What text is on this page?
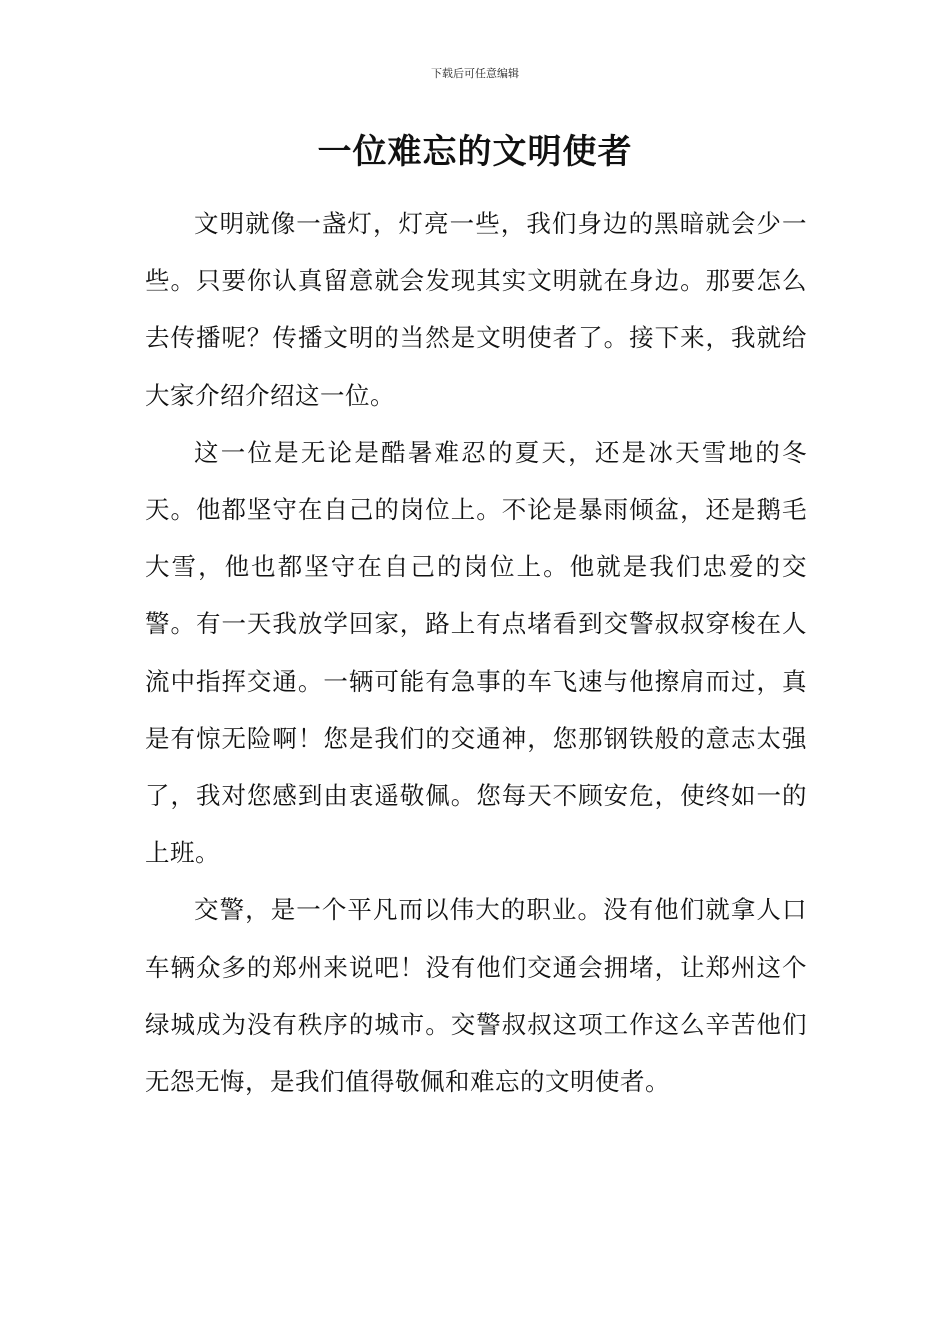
下载后可任意编辑
一位难忘的文明使者

文明就像一盏灯，灯亮一些，我们身边的黑暗就会少一些。只要你认真留意就会发现其实文明就在身边。那要怎么去传播呢？传播文明的当然是文明使者了。接下来，我就给大家介绍介绍这一位。

这一位是无论是酷暑难忍的夏天，还是冰天雪地的冬天。他都坚守在自己的岗位上。不论是暴雨倾盆，还是鹅毛大雪，他也都坚守在自己的岗位上。他就是我们忠爱的交警。有一天我放学回家，路上有点堵看到交警叔叔穿梭在人流中指挥交通。一辆可能有急事的车飞速与他擦肩而过，真是有惊无险啊！您是我们的交通神，您那钢铁般的意志太强了，我对您感到由衷遥敬佩。您每天不顾安危，使终如一的上班。

交警，是一个平凡而以伟大的职业。没有他们就拿人口车辆众多的郑州来说吧！没有他们交通会拥堵，让郑州这个绿城成为没有秩序的城市。交警叔叔这项工作这么辛苦他们无怨无悔，是我们值得敬佩和难忘的文明使者。
